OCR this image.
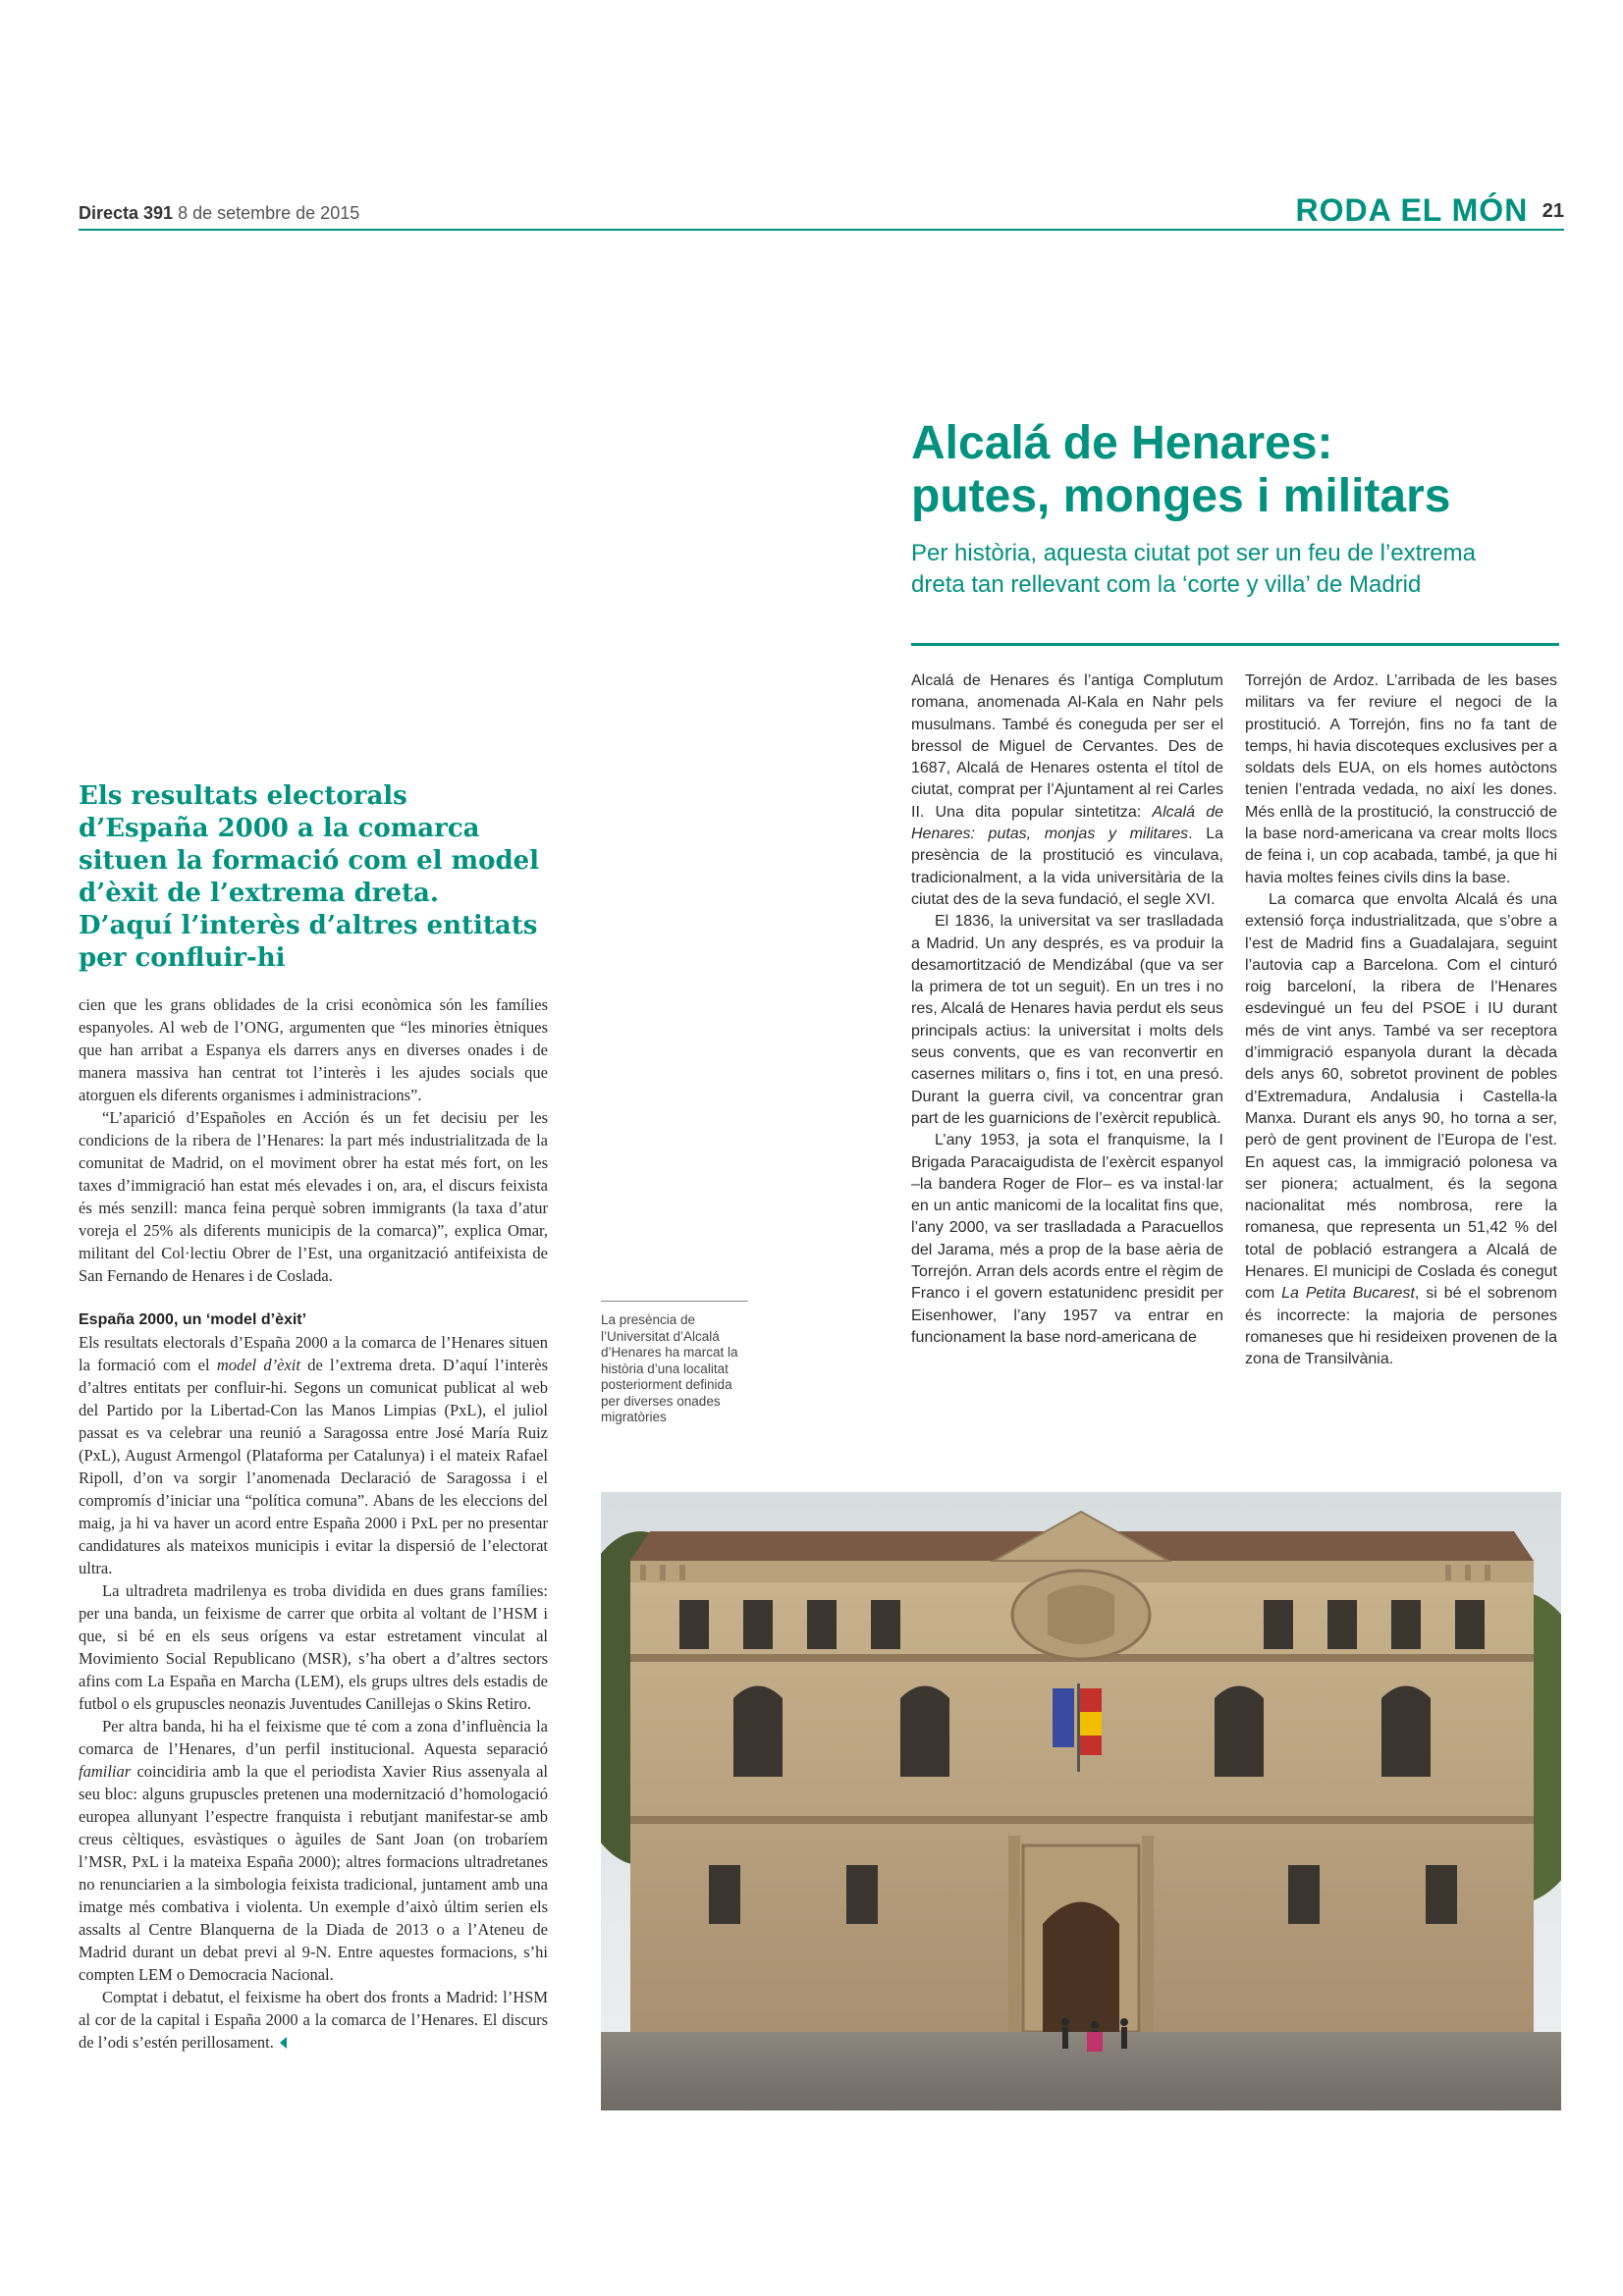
Directa 391 8 de setembre de 2015	RODA EL MÓN 21
Alcalá de Henares:
putes, monges i militars
Per història, aquesta ciutat pot ser un feu de l’extrema
dreta tan rellevant com la ‘corte y villa’ de Madrid
Els resultats electorals d’España 2000 a la comarca situen la formació com el model d’èxit de l’extrema dreta. D’aquí l’interès d’altres entitats per confluir-hi

cien que les grans oblidades de la crisi econòmica són les famílies espanyoles. Al web de l’ONG, argumenten que “les minories ètniques que han arribat a Espanya els darrers anys en diverses onades i de manera massiva han centrat tot l’interès i les ajudes socials que atorguen els diferents organismes i administracions”.

“L’aparició d’Españoles en Acción és un fet decisiu per les condicions de la ribera de l’Henares: la part més industrialitzada de la comunitat de Madrid, on el moviment obrer ha estat més fort, on les taxes d’immigració han estat més elevades i on, ara, el discurs feixista és més senzill: manca feina perquè sobren immigrants (la taxa d’atur voreja el 25% als diferents municipis de la comarca)”, explica Omar, militant del Col·lectiu Obrer de l’Est, una organització antifeixista de San Fernando de Henares i de Coslada.

España 2000, un ‘model d’èxit’

Els resultats electorals d’España 2000 a la comarca de l’Henares situen la formació com el model d’èxit de l’extrema dreta. D’aquí l’interès d’altres entitats per confluir-hi. Segons un comunicat publicat al web del Partido por la Libertad-Con las Manos Limpias (PxL), el juliol passat es va celebrar una reunió a Saragossa entre José María Ruiz (PxL), August Armengol (Plataforma per Catalunya) i el mateix Rafael Ripoll, d’on va sorgir l’anomenada Declaració de Saragossa i el compromís d’iniciar una “política comuna”. Abans de les eleccions del maig, ja hi va haver un acord entre España 2000 i PxL per no presentar candidatures als mateixos municipis i evitar la dispersió de l’electorat ultra.

La ultradreta madrilenya es troba dividida en dues grans famílies: per una banda, un feixisme de carrer que orbita al voltant de l’HSM i que, si bé en els seus orígens va estar estretament vinculat al Movimiento Social Republicano (MSR), s’ha obert a d’altres sectors afins com La España en Marcha (LEM), els grups ultres dels estadis de futbol o els grupuscles neonazis Juventudes Canillejas o Skins Retiro.

Per altra banda, hi ha el feixisme que té com a zona d’influència la comarca de l’Henares, d’un perfil institucional. Aquesta separació familiar coincidiria amb la que el periodista Xavier Rius assenyala al seu bloc: alguns grupuscles pretenen una modernització d’homologació europea allunyant l’espectre franquista i rebutjant manifestar-se amb creus cèltiques, esvàstiques o àguiles de Sant Joan (on trobaríem l’MSR, PxL i la mateixa España 2000); altres formacions ultradretanes no renunciarien a la simbologia feixista tradicional, juntament amb una imatge més combativa i violenta. Un exemple d’això últim serien els assalts al Centre Blanquerna de la Diada de 2013 o a l’Ateneu de Madrid durant un debat previ al 9-N. Entre aquestes formacions, s’hi compten LEM o Democracia Nacional.

Comptat i debatut, el feixisme ha obert dos fronts a Madrid: l’HSM al cor de la capital i España 2000 a la comarca de l’Henares. El discurs de l’odi s’estén perillosament.

Alcalá de Henares és l’antiga Complutum romana, anomenada Al-Kala en Nahr pels musulmans. També és coneguda per ser el bressol de Miguel de Cervantes. Des de 1687, Alcalá de Henares ostenta el títol de ciutat, comprat per l’Ajuntament al rei Carles II. Una dita popular sintetitza: Alcalá de Henares: putas, monjas y militares. La presència de la prostitució es vinculava, tradicionalment, a la vida universitària de la ciutat des de la seva fundació, el segle XVI.

El 1836, la universitat va ser traslladada a Madrid. Un any després, es va produir la desamortització de Mendizábal (que va ser la primera de tot un seguit). En un tres i no res, Alcalá de Henares havia perdut els seus principals actius: la universitat i molts dels seus convents, que es van reconvertir en casernes militars o, fins i tot, en una presó. Durant la guerra civil, va concentrar gran part de les guarnicions de l’exèrcit republicà.

L’any 1953, ja sota el franquisme, la I Brigada Paracaigudista de l’exèrcit espanyol –la bandera Roger de Flor– es va instal·lar en un antic manicomi de la localitat fins que, l’any 2000, va ser traslladada a Paracuellos del Jarama, més a prop de la base aèria de Torrejón. Arran dels acords entre el règim de Franco i el govern estatunidenc presidit per Eisenhower, l’any 1957 va entrar en funcionament la base nord-americana de

Torrejón de Ardoz. L’arribada de les bases militars va fer reviure el negoci de la prostitució. A Torrejón, fins no fa tant de temps, hi havia discoteques exclusives per a soldats dels EUA, on els homes autòctons tenien l’entrada vedada, no així les dones. Més enllà de la prostitució, la construcció de la base nord-americana va crear molts llocs de feina i, un cop acabada, també, ja que hi havia moltes feines civils dins la base.

La comarca que envolta Alcalá és una extensió força industrialitzada, que s’obre a l’est de Madrid fins a Guadalajara, seguint l’autovia cap a Barcelona. Com el cinturó roig barceloní, la ribera de l’Henares esdevingué un feu del PSOE i IU durant més de vint anys. També va ser receptora d’immigració espanyola durant la dècada dels anys 60, sobretot provinent de pobles d’Extremadura, Andalusia i Castella-la Manxa. Durant els anys 90, ho torna a ser, però de gent provinent de l’Europa de l’est. En aquest cas, la immigració polonesa va ser pionera; actualment, és la segona nacionalitat més nombrosa, rere la romanesa, que representa un 51,42 % del total de població estrangera a Alcalá de Henares. El municipi de Coslada és conegut com La Petita Bucarest, si bé el sobrenom és incorrecte: la majoria de persones romaneses que hi resideixen provenen de la zona de Transilvània.

La presència de l’Universitat d’Alcalá d’Henares ha marcat la història d’una localitat posteriorment definida per diverses onades migratòries
